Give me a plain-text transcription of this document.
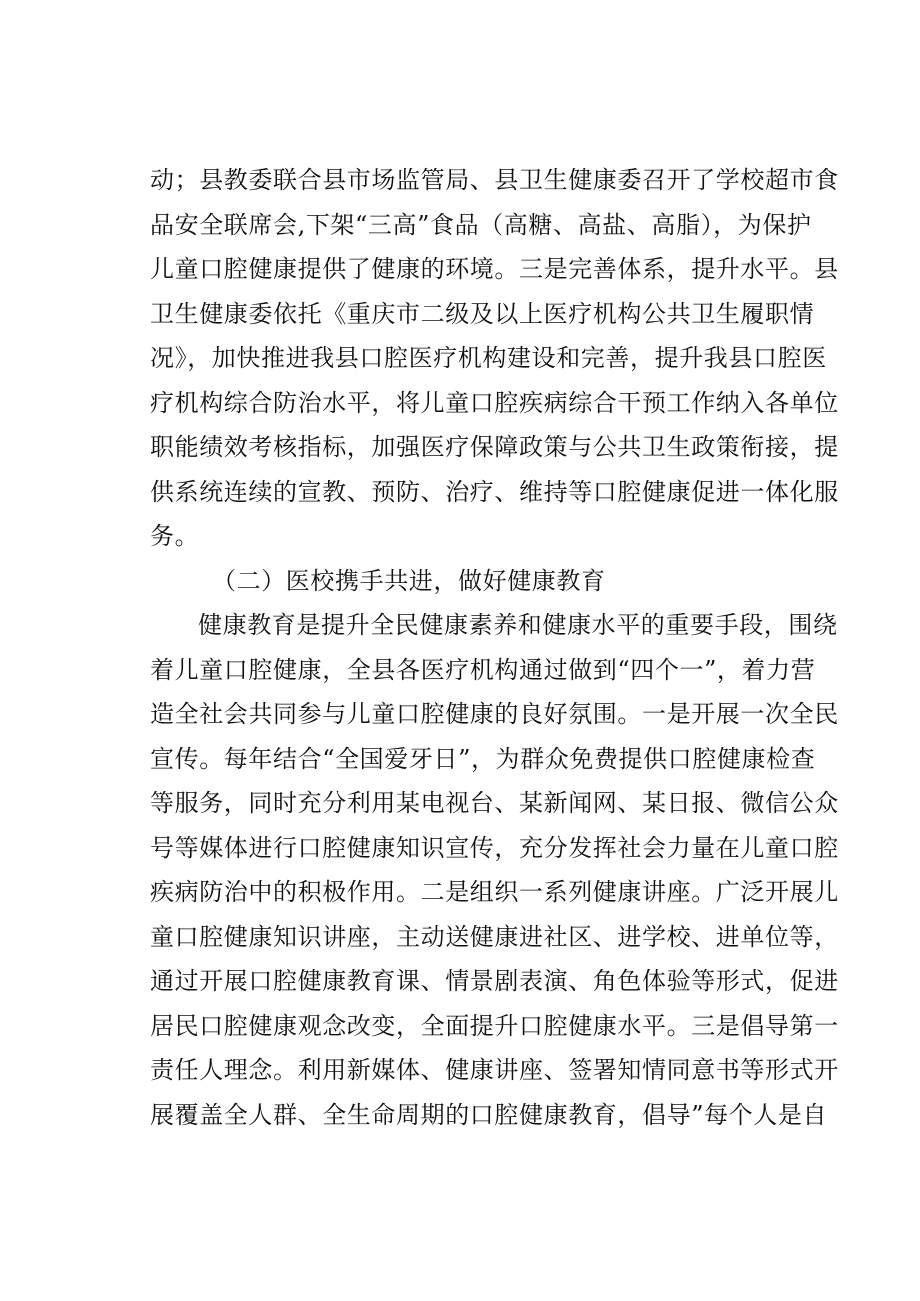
动；县教委联合县市场监管局、县卫生健康委召开了学校超市食
品安全联席会,下架“三高”食品（高糖、高盐、高脂），为保护
儿童口腔健康提供了健康的环境。三是完善体系，提升水平。县
卫生健康委依托《重庆市二级及以上医疗机构公共卫生履职情
况》，加快推进我县口腔医疗机构建设和完善，提升我县口腔医
疗机构综合防治水平，将儿童口腔疾病综合干预工作纳入各单位
职能绩效考核指标，加强医疗保障政策与公共卫生政策衔接，提
供系统连续的宣教、预防、治疗、维持等口腔健康促进一体化服
务。
（二）医校携手共进，做好健康教育
健康教育是提升全民健康素养和健康水平的重要手段，围绕
着儿童口腔健康，全县各医疗机构通过做到“四个一”，着力营
造全社会共同参与儿童口腔健康的良好氛围。一是开展一次全民
宣传。每年结合“全国爱牙日”，为群众免费提供口腔健康检查
等服务，同时充分利用某电视台、某新闻网、某日报、微信公众
号等媒体进行口腔健康知识宣传，充分发挥社会力量在儿童口腔
疾病防治中的积极作用。二是组织一系列健康讲座。广泛开展儿
童口腔健康知识讲座，主动送健康进社区、进学校、进单位等，
通过开展口腔健康教育课、情景剧表演、角色体验等形式，促进
居民口腔健康观念改变，全面提升口腔健康水平。三是倡导第一
责任人理念。利用新媒体、健康讲座、签署知情同意书等形式开
展覆盖全人群、全生命周期的口腔健康教育，倡导”每个人是自
